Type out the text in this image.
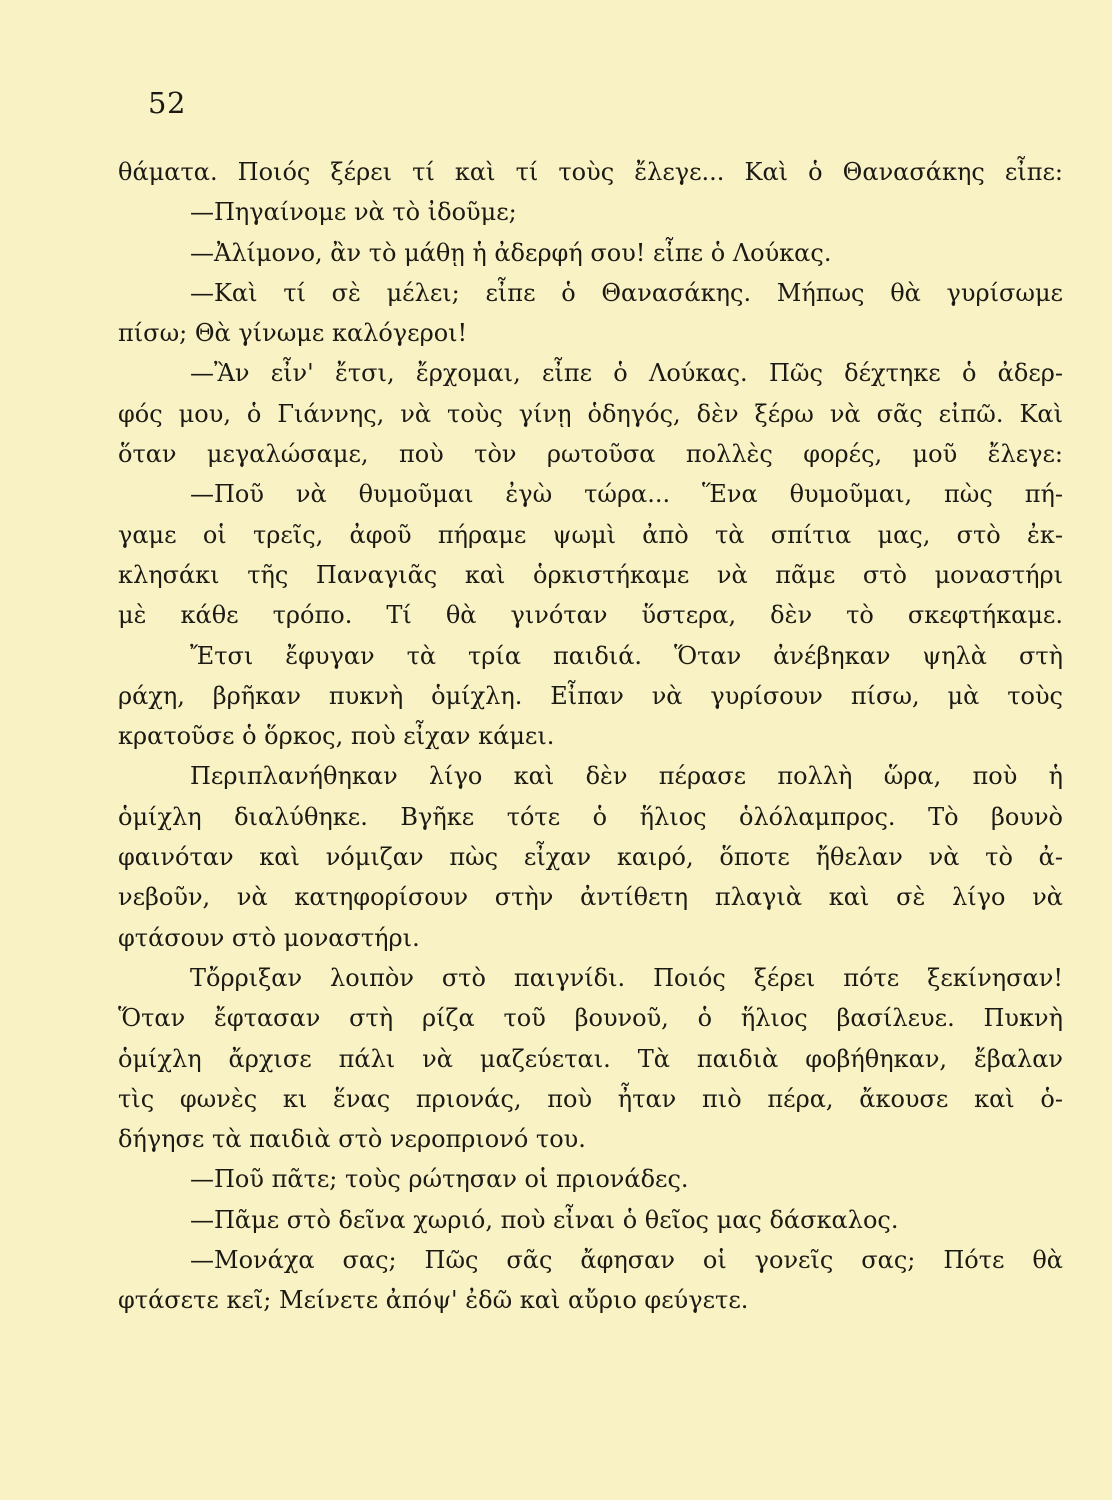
52
θάματα. Ποιός ξέρει τί καὶ τί τοὺς ἔλεγε... Καὶ ὁ Θανασάκης εἶπε:
—Πηγαίνομε νὰ τὸ ἰδοῦμε;
—Ἀλίμονο, ἂν τὸ μάθῃ ἡ ἀδερφή σου! εἶπε ὁ Λούκας.
—Καὶ τί σὲ μέλει; εἶπε ὁ Θανασάκης. Μήπως θὰ γυρίσωμε
πίσω; Θὰ γίνωμε καλόγεροι!
—Ἂν εἶν' ἔτσι, ἔρχομαι, εἶπε ὁ Λούκας. Πῶς δέχτηκε ὁ ἀδερ-
φός μου, ὁ Γιάννης, νὰ τοὺς γίνῃ ὁδηγός, δὲν ξέρω νὰ σᾶς εἰπῶ. Καὶ
ὅταν μεγαλώσαμε, ποὺ τὸν ρωτοῦσα πολλὲς φορές, μοῦ ἔλεγε:
—Ποῦ νὰ θυμοῦμαι ἐγὼ τώρα... Ἕνα θυμοῦμαι, πὼς πή-
γαμε οἱ τρεῖς, ἀφοῦ πήραμε ψωμὶ ἀπὸ τὰ σπίτια μας, στὸ ἐκ-
κλησάκι τῆς Παναγιᾶς καὶ ὁρκιστήκαμε νὰ πᾶμε στὸ μοναστήρι
μὲ κάθε τρόπο. Τί θὰ γινόταν ὕστερα, δὲν τὸ σκεφτήκαμε.
Ἔτσι ἔφυγαν τὰ τρία παιδιά. Ὅταν ἀνέβηκαν ψηλὰ στὴ
ράχη, βρῆκαν πυκνὴ ὁμίχλη. Εἶπαν νὰ γυρίσουν πίσω, μὰ τοὺς
κρατοῦσε ὁ ὅρκος, ποὺ εἶχαν κάμει.
Περιπλανήθηκαν λίγο καὶ δὲν πέρασε πολλὴ ὥρα, ποὺ ἡ
ὁμίχλη διαλύθηκε. Βγῆκε τότε ὁ ἥλιος ὁλόλαμπρος. Τὸ βουνὸ
φαινόταν καὶ νόμιζαν πὼς εἶχαν καιρό, ὅποτε ἤθελαν νὰ τὸ ἀ-
νεβοῦν, νὰ κατηφορίσουν στὴν ἀντίθετη πλαγιὰ καὶ σὲ λίγο νὰ
φτάσουν στὸ μοναστήρι.
Τὄρριξαν λοιπὸν στὸ παιγνίδι. Ποιός ξέρει πότε ξεκίνησαν!
Ὅταν ἔφτασαν στὴ ρίζα τοῦ βουνοῦ, ὁ ἥλιος βασίλευε. Πυκνὴ
ὁμίχλη ἄρχισε πάλι νὰ μαζεύεται. Τὰ παιδιὰ φοβήθηκαν, ἔβαλαν
τὶς φωνὲς κι ἕνας πριονάς, ποὺ ἦταν πιὸ πέρα, ἄκουσε καὶ ὁ-
δήγησε τὰ παιδιὰ στὸ νεροπριονό του.
—Ποῦ πᾶτε; τοὺς ρώτησαν οἱ πριονάδες.
—Πᾶμε στὸ δεῖνα χωριό, ποὺ εἶναι ὁ θεῖος μας δάσκαλος.
—Μονάχα σας; Πῶς σᾶς ἄφησαν οἱ γονεῖς σας; Πότε θὰ
φτάσετε κεῖ; Μείνετε ἀπόψ' ἐδῶ καὶ αὔριο φεύγετε.
